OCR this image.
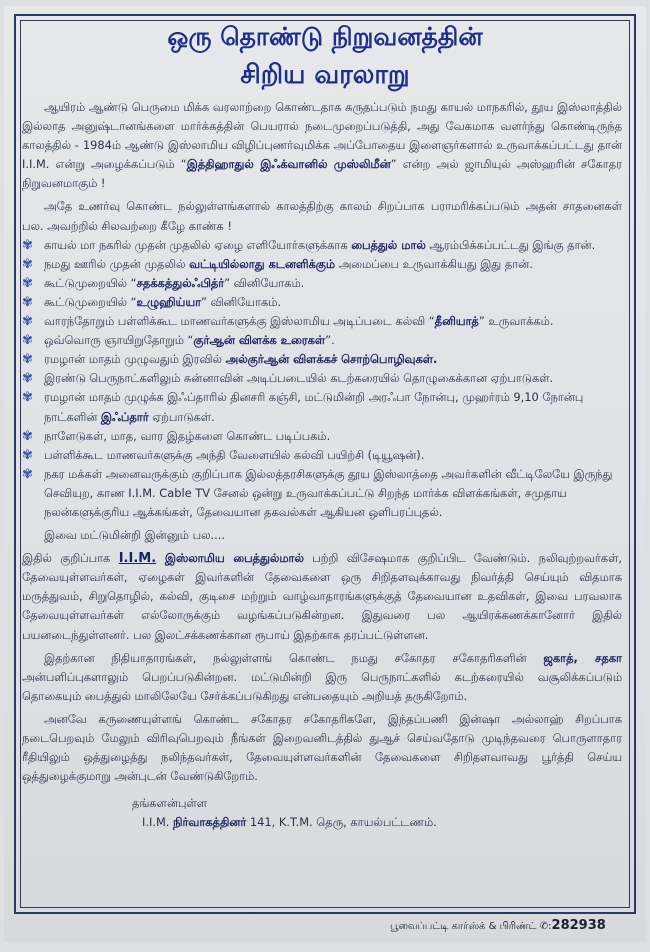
ஒரு தொண்டு நிறுவனத்தின்
சிறிய வரலாறு

ஆயிரம் ஆண்டு பெருமை மிக்க வரலாற்றை கொண்டதாக கருதப்படும் நமது காயல் மாநகரில், தூய இஸ்லாத்தில் இல்லாத அனுஷ்டானங்களை மார்க்கத்தின் பெயரால் நடைமுறைப்படுத்தி, அது வேகமாக வளர்ந்து கொண்டிருந்த காலத்தில் - 1984ம் ஆண்டு இஸ்லாமிய விழிப்புணர்வுமிக்க அப்போதைய இளைஞர்களால் உருவாக்கப்பட்டது தான் I.I.M. என்று அழைக்கப்படும் “இத்திஹாதுல் இஃக்வானில் முஸ்லிமீன்” என்ற அல் ஜாமியுல் அஸ்ஹரின் சகோதர நிறுவனமாகும் !

அதே உணர்வு கொண்ட நல்லுள்ளங்களால் காலத்திற்கு காலம் சிறப்பாக பராமரிக்கப்படும் அதன் சாதனைகள் பல. அவற்றில் சிலவற்றை கீழே காண்க !

✾ காயல் மா நகரில் முதன் முதலில் ஏழை எளியோர்களுக்காக பைத்துல் மால் ஆரம்பிக்கப்பட்டது இங்கு தான்.
✾ நமது ஊரில் முதன் முதலில் வட்டியில்லாது கடனளிக்கும் அமைப்பை உருவாக்கியது இது தான்.
✾ கூட்டுமுறையில் “சதக்கத்துல்ஃபித்ர்” வினியோகம்.
✾ கூட்டுமுறையில் “உழுஹிய்யா” வினியோகம்.
✾ வாரந்தோறும் பள்ளிக்கூட மாணவர்களுக்கு இஸ்லாமிய அடிப்படை கல்வி “தீனியாத்” உருவாக்கம்.
✾ ஒவ்வொரு ஞாயிறுதோறும் “குர்ஆன் விளக்க உரைகள்”.
✾ ரமழான் மாதம் முழுவதும் இரவில் அல்குர்ஆன் விளக்கச் சொற்பொழிவுகள்.
✾ இரண்டு பெருநாட்களிலும் சுன்னாவின் அடிப்படையில் கடற்கரையில் தொழுகைக்கான ஏற்பாடுகள்.
✾ ரமழான் மாதம் முழுக்க இஃப்தாரில் தினசரி கஞ்சி, மட்டுமின்றி அரஃபா நோன்பு, முஹர்ரம் 9,10 நோன்பு நாட்களின் இஃப்தார் ஏற்பாடுகள்.
✾ நாளேடுகள், மாத, வார இதழ்களை கொண்ட படிப்பகம்.
✾ பள்ளிக்கூட மாணவர்களுக்கு அந்தி வேளையில் கல்வி பயிற்சி (டியூஷன்).
✾ நகர மக்கள் அனைவருக்கும் குறிப்பாக இல்லத்தரசிகளுக்கு தூய இஸ்லாத்தை அவர்களின் வீட்டிலேயே இருந்து செவியுற, காண I.I.M. Cable TV சேனல் ஒன்று உருவாக்கப்பட்டு சிறந்த மார்க்க விளக்கங்கள், சமுதாய நலன்களுக்குரிய ஆக்கங்கள், தேவையான தகவல்கள் ஆகியன ஒளிபரப்புதல்.

இவை மட்டுமின்றி இன்னும் பல....

இதில் குறிப்பாக I.I.M. இஸ்லாமிய பைத்துல்மால் பற்றி விசேஷமாக குறிப்பிட வேண்டும். நலிவுற்றவர்கள், தேவையுள்ளவர்கள், ஏழைகள் இவர்களின் தேவைகளை ஒரு சிறிதளவுக்காவது நிவர்த்தி செய்யும் விதமாக மருத்துவம், சிறுதொழில், கல்வி, குடிசை மற்றும் வாழ்வாதாரங்களுக்குத் தேவையான உதவிகள், இவை பரவலாக தேவையுள்ளவர்கள் எல்லோருக்கும் வழங்கப்படுகின்றன. இதுவரை பல ஆயிரக்கணக்கானோர் இதில் பயனடைந்துள்ளனர். பல இலட்சக்கணக்கான ரூபாய் இதற்காக தரப்பட்டுள்ளன.

இதற்கான நிதியாதாரங்கள், நல்லுள்ளங் கொண்ட நமது சகோதர சகோதரிகளின் ஜகாத், சதகா அன்பளிப்புகளாலும் பெறப்படுகின்றன. மட்டுமின்றி இரு பெருநாட்களில் கடற்கரையில் வசூலிக்கப்படும் தொகையும் பைத்துல் மாலிலேயே சேர்க்கப்படுகிறது என்பதையும் அறியத் தருகிறோம்.

அனவே கருணையுள்ளங் கொண்ட சகோதர சகோதரிகளே, இந்தப்பணி இன்ஷா அல்லாஹ் சிறப்பாக நடைபெறவும் மேலும் விரிவுபெறவும் நீங்கள் இறைவனிடத்தில் துஆச் செய்வதோடு முடிந்தவரை பொருளாதார ரீதியிலும் ஒத்துழைத்து நலிந்தவர்கள், தேவையுள்ளவர்களின் தேவைகளை சிறிதளவாவது பூர்த்தி செய்ய ஒத்துழைக்குமாறு அன்புடன் வேண்டுகிறோம்.

தங்களன்புள்ள

I.I.M. நிர்வாகத்தினர் 141, K.T.M. தெரு, காயல்பட்டணம்.

பூவைப்பட்டி கார்ஸ்க் & பிரிண்ட் ✆:282938
